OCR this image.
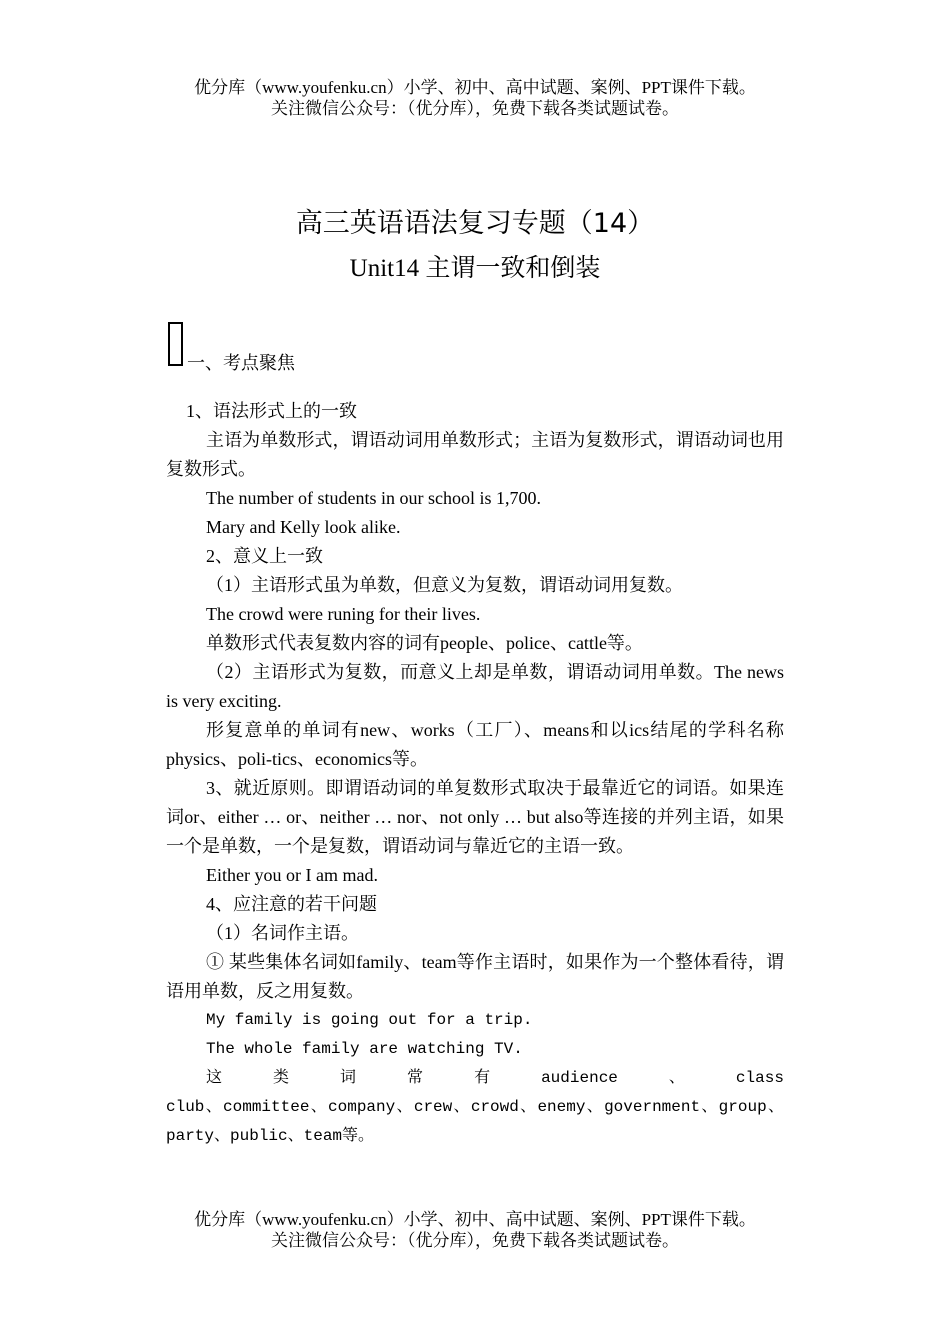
优分库（www.youfenku.cn）小学、初中、高中试题、案例、PPT课件下载。
关注微信公众号：（优分库），免费下载各类试题试卷。
高三英语语法复习专题（14）
Unit14 主谓一致和倒装
一、考点聚焦

1、语法形式上的一致

主语为单数形式，谓语动词用单数形式；主语为复数形式，谓语动词也用复数形式。

The number of students in our school is 1,700.

Mary and Kelly look alike.

2、意义上一致

（1）主语形式虽为单数，但意义为复数，谓语动词用复数。

The crowd were runing for their lives.

单数形式代表复数内容的词有people、police、cattle等。

（2）主语形式为复数，而意义上却是单数，谓语动词用单数。The news is very exciting.

形复意单的单词有new、works（工厂）、means和以ics结尾的学科名称physics、poli-tics、economics等。

3、就近原则。即谓语动词的单复数形式取决于最靠近它的词语。如果连词or、either … or、neither … nor、not only … but also等连接的并列主语，如果一个是单数，一个是复数，谓语动词与靠近它的主语一致。

Either you or I am mad.

4、应注意的若干问题

（1）名词作主语。

① 某些集体名词如family、team等作主语时，如果作为一个整体看待，谓语用单数，反之用复数。

My family is going out for a trip.

The whole family are watching TV.

这	类	词	常	有	audience	、	class

club、committee、company、crew、crowd、enemy、government、group、party、public、team等。

优分库（www.youfenku.cn）小学、初中、高中试题、案例、PPT课件下载。
关注微信公众号：（优分库），免费下载各类试题试卷。
